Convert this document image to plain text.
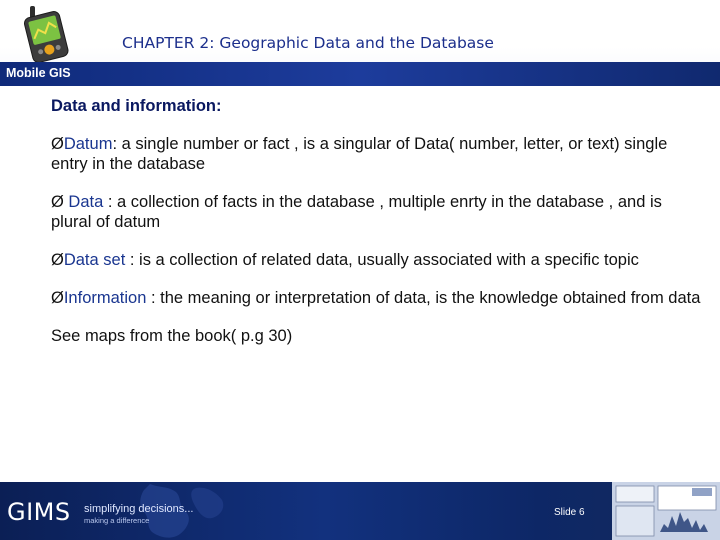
CHAPTER 2: Geographic Data and the Database
Mobile GIS

Data and information:

ØDatum: a single number or fact , is a singular of Data( number, letter, or text) single entry in the database

Ø Data : a collection of facts in the database , multiple enrty in the database , and is plural of datum

ØData set : is a collection of related data, usually associated with a specific topic

ØInformation : the meaning or interpretation of data, is the knowledge obtained from data

See maps from the book( p.g 30)

GIMS simplifying decisions...
making a difference
Slide 6
